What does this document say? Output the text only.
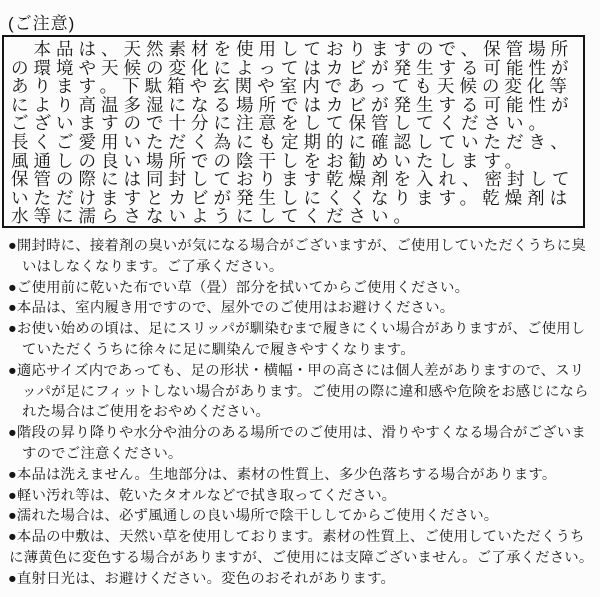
(ご注意)
　本品は、天然素材を使用しておりますので、保管場所
の環境や天候の変化によってはカビが発生する可能性が
あります。下駄箱や玄関や室内であっても天候の変化等
により高温多湿になる場所ではカビが発生する可能性が
ございますので十分に注意をして保管してください。
長くご愛用いただく為にも定期的に確認していただき、
風通しの良い場所での陰干しをお勧めいたします。
保管の際には同封しております乾燥剤を入れ、密封して
いただけますとカビが発生しにくくなります。乾燥剤は
水等に濡らさないようにしてください。
●開封時に、接着剤の臭いが気になる場合がございますが、ご使用していただくうちに臭
いはしなくなります。ご了承ください。
●ご使用前に乾いた布でい草（畳）部分を拭いてからご使用ください。
●本品は、室内履き用ですので、屋外でのご使用はお避けください。
●お使い始めの頃は、足にスリッパが馴染むまで履きにくい場合がありますが、ご使用し
ていただくうちに徐々に足に馴染んで履きやすくなります。
●適応サイズ内であっても、足の形状・横幅・甲の高さには個人差がありますので、スリ
ッパが足にフィットしない場合があります。ご使用の際に違和感や危険をお感じになら
れた場合はご使用をおやめください。
●階段の昇り降りや水分や油分のある場所でのご使用は、滑りやすくなる場合がございま
すのでご注意ください。
●本品は洗えません。生地部分は、素材の性質上、多少色落ちする場合があります。
●軽い汚れ等は、乾いたタオルなどで拭き取ってください。
●濡れた場合は、必ず風通しの良い場所で陰干ししてからご使用ください。
●本品の中敷は、天然い草を使用しております。素材の性質上、ご使用していただくうち
に薄黄色に変色する場合がありますが、ご使用には支障ございません。ご了承ください。
●直射日光は、お避けください。変色のおそれがあります。
